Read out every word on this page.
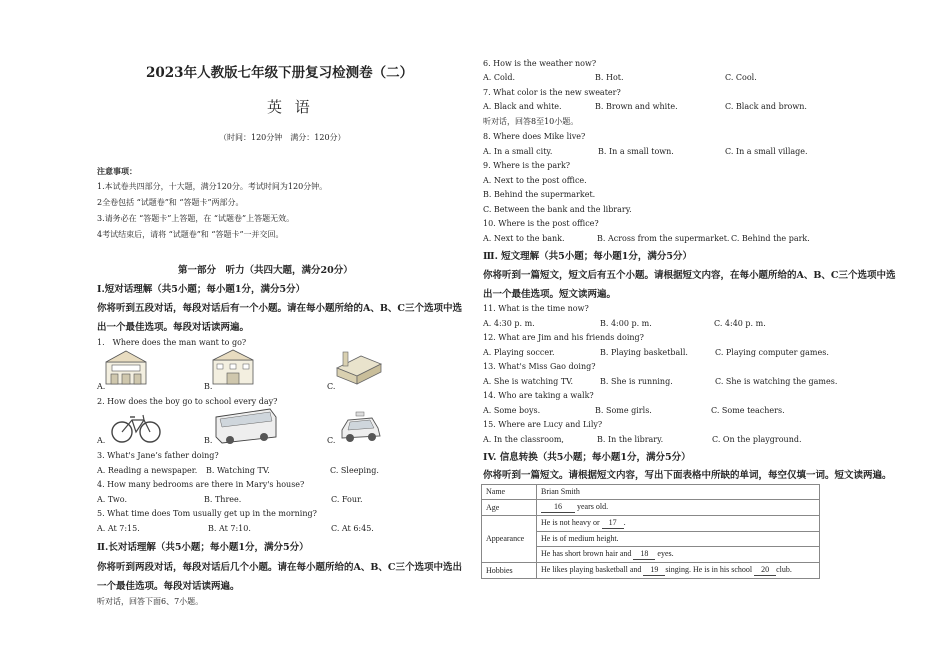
2023年人教版七年级下册复习检测卷（二）
英 语
（时间：120分钟　满分：120分）
注意事项：
1.本试卷共四部分，十大题，满分120分。考试时间为120分钟。
2全卷包括 “试题卷”和 “答题卡”两部分。
3.请务必在 “答题卡”上答题，在 “试题卷”上答题无效。
4考试结束后，请将 “试题卷”和 “答题卡”一并交回。
第一部分　听力（共四大题，满分20分）
Ⅰ.短对话理解（共5小题；每小题1分，满分5分）
你将听到五段对话，每段对话后有一个小题。请在每小题所给的A、B、C三个选项中选
出一个最佳选项。每段对话读两遍。
1.　Where does the man want to go?
A.	B.	C.
2. How does the boy go to school every day?
A.	B.	C.
3. What's Jane’s father doing?
A. Reading a newspaper. B. Watching TV.	C. Sleeping.
4. How many bedrooms are there in Mary's house?
A. Two.	B. Three.	C. Four.
5. What time does Tom usually get up in the morning?
A. At 7:15.	B. At 7:10.	C. At 6:45.
Ⅱ.长对话理解（共5小题；每小题1分，满分5分）
你将听到两段对话，每段对话后几个小题。请在每小题所给的A、B、C三个选项中选出
一个最佳选项。每段对话读两遍。
听对话，回答下面6、7小题。
6. How is the weather now?
A. Cold.	B. Hot.	C. Cool.
7. What color is the new sweater?
A. Black and white.	B. Brown and white.	C. Black and brown.
听对话，回答8至10小题。
8. Where does Mike live?
A. In a small city.	B. In a small town.	C. In a small village.
9. Where is the park?
A. Next to the post office.
B. Behind the supermarket.
C. Between the bank and the library.
10. Where is the post office?
A. Next to the bank.	B. Across from the supermarket. C. Behind the park.
Ⅲ. 短文理解（共5小题；每小题1分，满分5分）
你将听到一篇短文，短文后有五个小题。请根据短文内容，在每小题所给的A、B、C三个选项中选
出一个最佳选项。短文读两遍。
11. What is the time now?
A. 4:30 p. m.	B. 4:00 p. m.	C. 4:40 p. m.
12. What are Jim and his friends doing?
A. Playing soccer.	B. Playing basketball.	C. Playing computer games.
13. What's Miss Gao doing?
A. She is watching TV.	B. She is running.	C. She is watching the games.
14. Who are taking a walk?
A. Some boys.	B. Some girls.	C. Some teachers.
15. Where are Lucy and Lily?
A. In the classroom,	B. In the library.	C. On the playground.
IV. 信息转换（共5小题；每小题1分，满分5分）
你将听到一篇短文。请根据短文内容，写出下面表格中所缺的单词，每空仅填一词。短文读两遍。
Name	Brian Smith
Age	16 years old.
Appearance	He is not heavy or 17 .
	He is of medium height.
	He has short brown hair and 18 eyes.
Hobbies	He likes playing basketball and 19 singing. He is in his school 20 club.
